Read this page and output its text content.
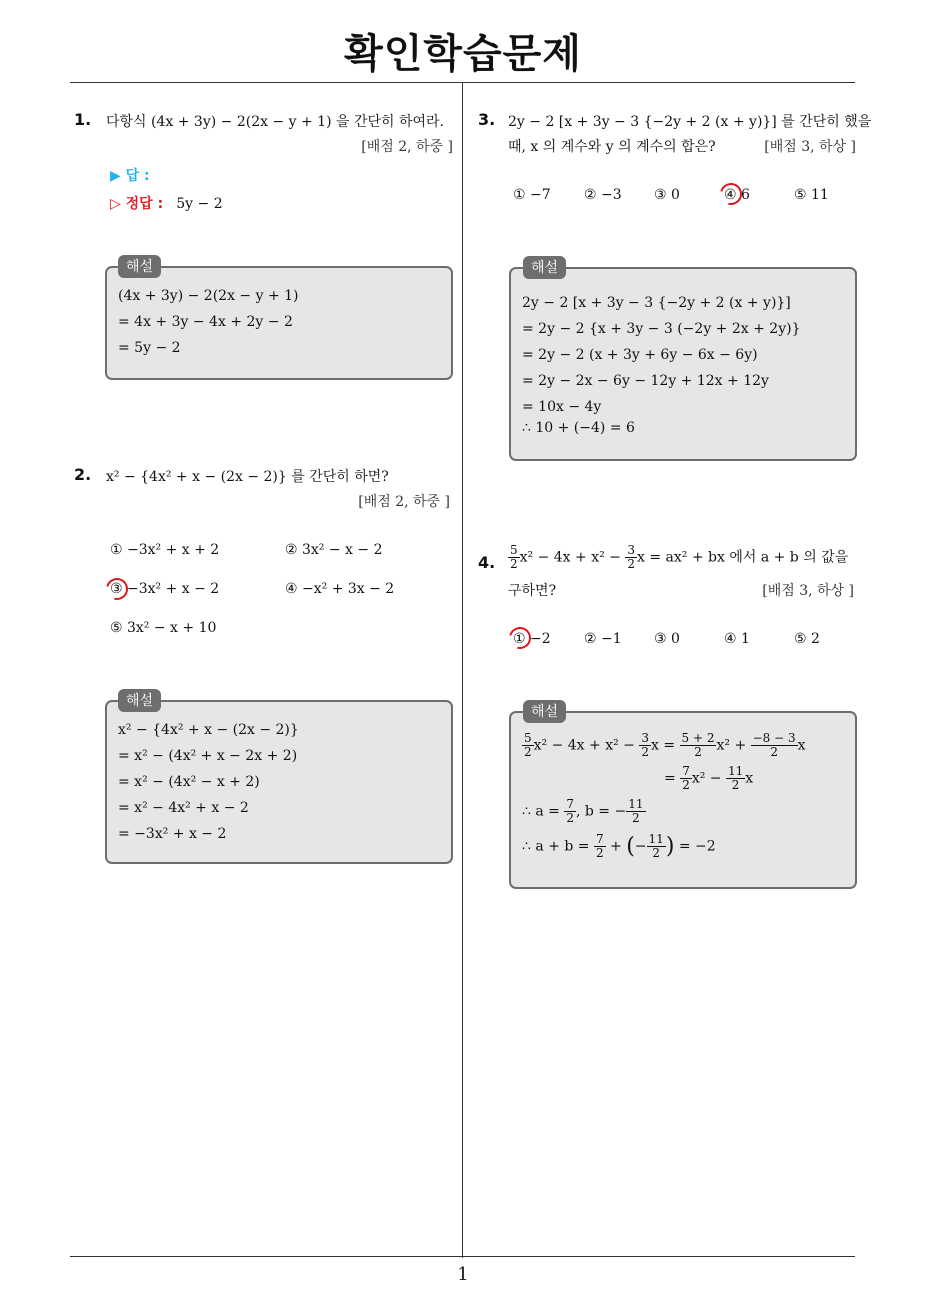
확인학습문제
1. 다항식 (4x + 3y) − 2(2x − y + 1) 을 간단히 하여라.
[배점 2, 하중 ]
▶ 답 :
▷ 정답 : 5y − 2
해설
(4x + 3y) − 2(2x − y + 1)
= 4x + 3y − 4x + 2y − 2
= 5y − 2
2. x² − {4x² + x − (2x − 2)} 를 간단히 하면?
[배점 2, 하중 ]
① −3x² + x + 2	② 3x² − x − 2
③ −3x² + x − 2	④ −x² + 3x − 2
⑤ 3x² − x + 10
해설
x² − {4x² + x − (2x − 2)}
= x² − (4x² + x − 2x + 2)
= x² − (4x² − x + 2)
= x² − 4x² + x − 2
= −3x² + x − 2
3. 2y − 2 [x + 3y − 3 {−2y + 2 (x + y)}] 를 간단히 했을
때, x 의 계수와 y 의 계수의 합은?	[배점 3, 하상 ]
① −7 ② −3 ③ 0	④ 6	⑤ 11
해설
2y − 2 [x + 3y − 3 {−2y + 2 (x + y)}]
= 2y − 2 {x + 3y − 3 (−2y + 2x + 2y)}
= 2y − 2 (x + 3y + 6y − 6x − 6y)
= 2y − 2x − 6y − 12y + 12x + 12y
= 10x − 4y
∴ 10 + (−4) = 6
4. $\frac{5}{2} x^2 - 4x + x^2 - \frac{3}{2}$ x = ax² + bx 에서 a + b 의 값을
구하면?	[배점 3, 하상 ]
① −2 ② −1 ③ 0	④ 1	⑤ 2
해설
$\frac{5}{2} x^2 - 4x + x^2 - \frac{3}{2}$ $x = \frac{5 + 2}{2} x^2 + \frac{-8 - 3}{2}$ x
= $\frac{7}{2} x^2 - \frac{11}{2}$ x
∴ $a = \frac{7}{2}$ , b = − $\frac{11}{2}$
∴ $a + b = \frac{7}{2}$ + (− $\frac{11}{2}$ ) = −2
1
